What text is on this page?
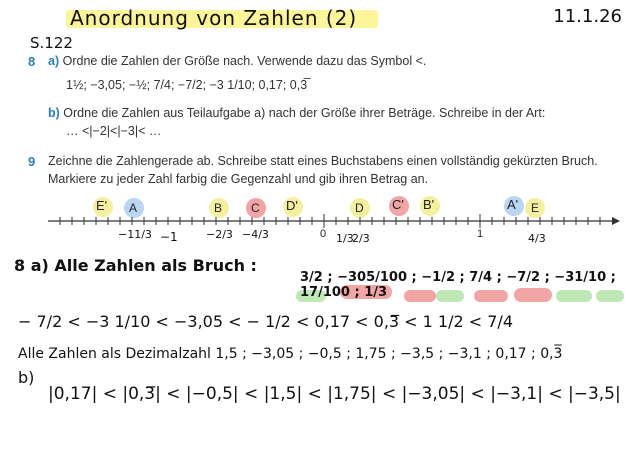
Anordnung von Zahlen (2)	11.1.26
S.122
8 a) Ordne die Zahlen der Größe nach. Verwende dazu das Symbol <.
1½; −3,05; −½; 7/4; −7/2; −3 1/10; 0,17; 0,3̅
b) Ordne die Zahlen aus Teilaufgabe a) nach der Größe ihrer Beträge. Schreibe in der Art:
… <|−2|<|−3|< …
9 Zeichne die Zahlengerade ab. Schreibe statt eines Buchstabens einen vollständig gekürzten Bruch. Markiere zu jeder Zahl farbig die Gegenzahl und gib ihren Betrag an.
E' A	B C D'	D C' B'	A' E
0	1
−11/3 −1	−2/3 −4/3	1/3
2/3	4/3
8 a) Alle Zahlen als Bruch :
3/2 ; −305/100 ; −1/2 ; 7/4 ; −7/2 ; −31/10 ; 17/100 ; 1/3
− 7/2 < −3 1/10 < −3,05 < − 1/2 < 0,17 < 0,3̅ < 1 1/2 < 7/4
Alle Zahlen als Dezimalzahl 1,5 ; −3,05 ; −0,5 ; 1,75 ; −3,5 ; −3,1 ; 0,17 ; 0,3̅
b)
|0,17| < |0,3̅| < |−0,5| < |1,5| < |1,75| < |−3,05| < |−3,1| < |−3,5|
